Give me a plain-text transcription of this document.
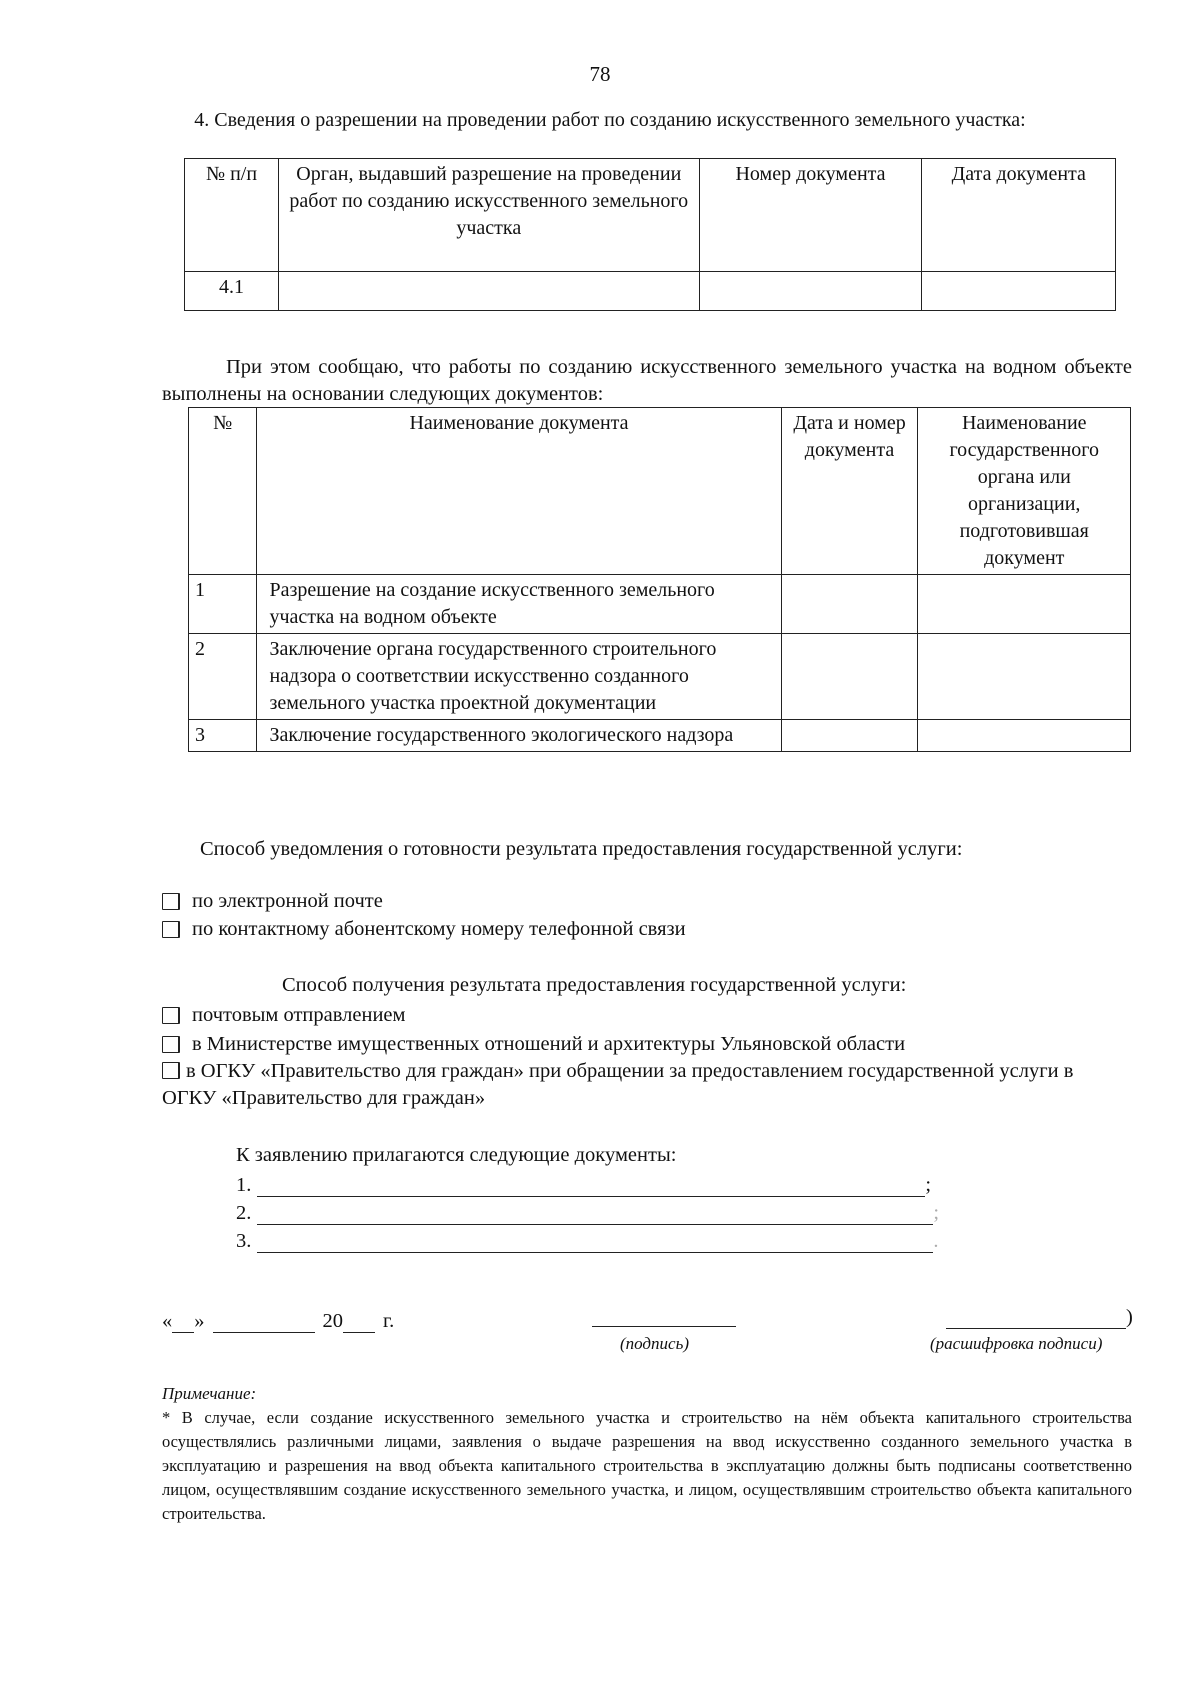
78
4. Сведения о разрешении на проведении работ по созданию искусственного земельного участка:
№ п/п	Орган, выдавший разрешение на проведении работ по созданию искусственного земельного участка	Номер документа	Дата документа
4.1			
При этом сообщаю, что работы по созданию искусственного земельного участка на водном объекте выполнены на основании следующих документов:
№	Наименование документа	Дата и номер документа	Наименование государственного органа или организации, подготовившая документ
1	Разрешение на создание искусственного земельного участка на водном объекте		
2	Заключение органа государственного строительного надзора о соответствии искусственно созданного земельного участка проектной документации		
3	Заключение государственного экологического надзора		
Способ уведомления о готовности результата предоставления государственной услуги:
по электронной почте
по контактному абонентскому номеру телефонной связи
Способ получения результата предоставления государственной услуги:
почтовым отправлением
в Министерстве имущественных отношений и архитектуры Ульяновской области
в ОГКУ «Правительство для граждан» при обращении за предоставлением государственной услуги в ОГКУ «Правительство для граждан»
К заявлению прилагаются следующие документы:
1.	;
2.	;
3.	.
« »	20 г.
(подпись)
)
(расшифровка подписи)
Примечание:
* В случае, если создание искусственного земельного участка и строительство на нём объекта капитального строительства осуществлялись различными лицами, заявления о выдаче разрешения на ввод искусственно созданного земельного участка в эксплуатацию и разрешения на ввод объекта капитального строительства в эксплуатацию должны быть подписаны соответственно лицом, осуществлявшим создание искусственного земельного участка, и лицом, осуществлявшим строительство объекта капитального строительства.
